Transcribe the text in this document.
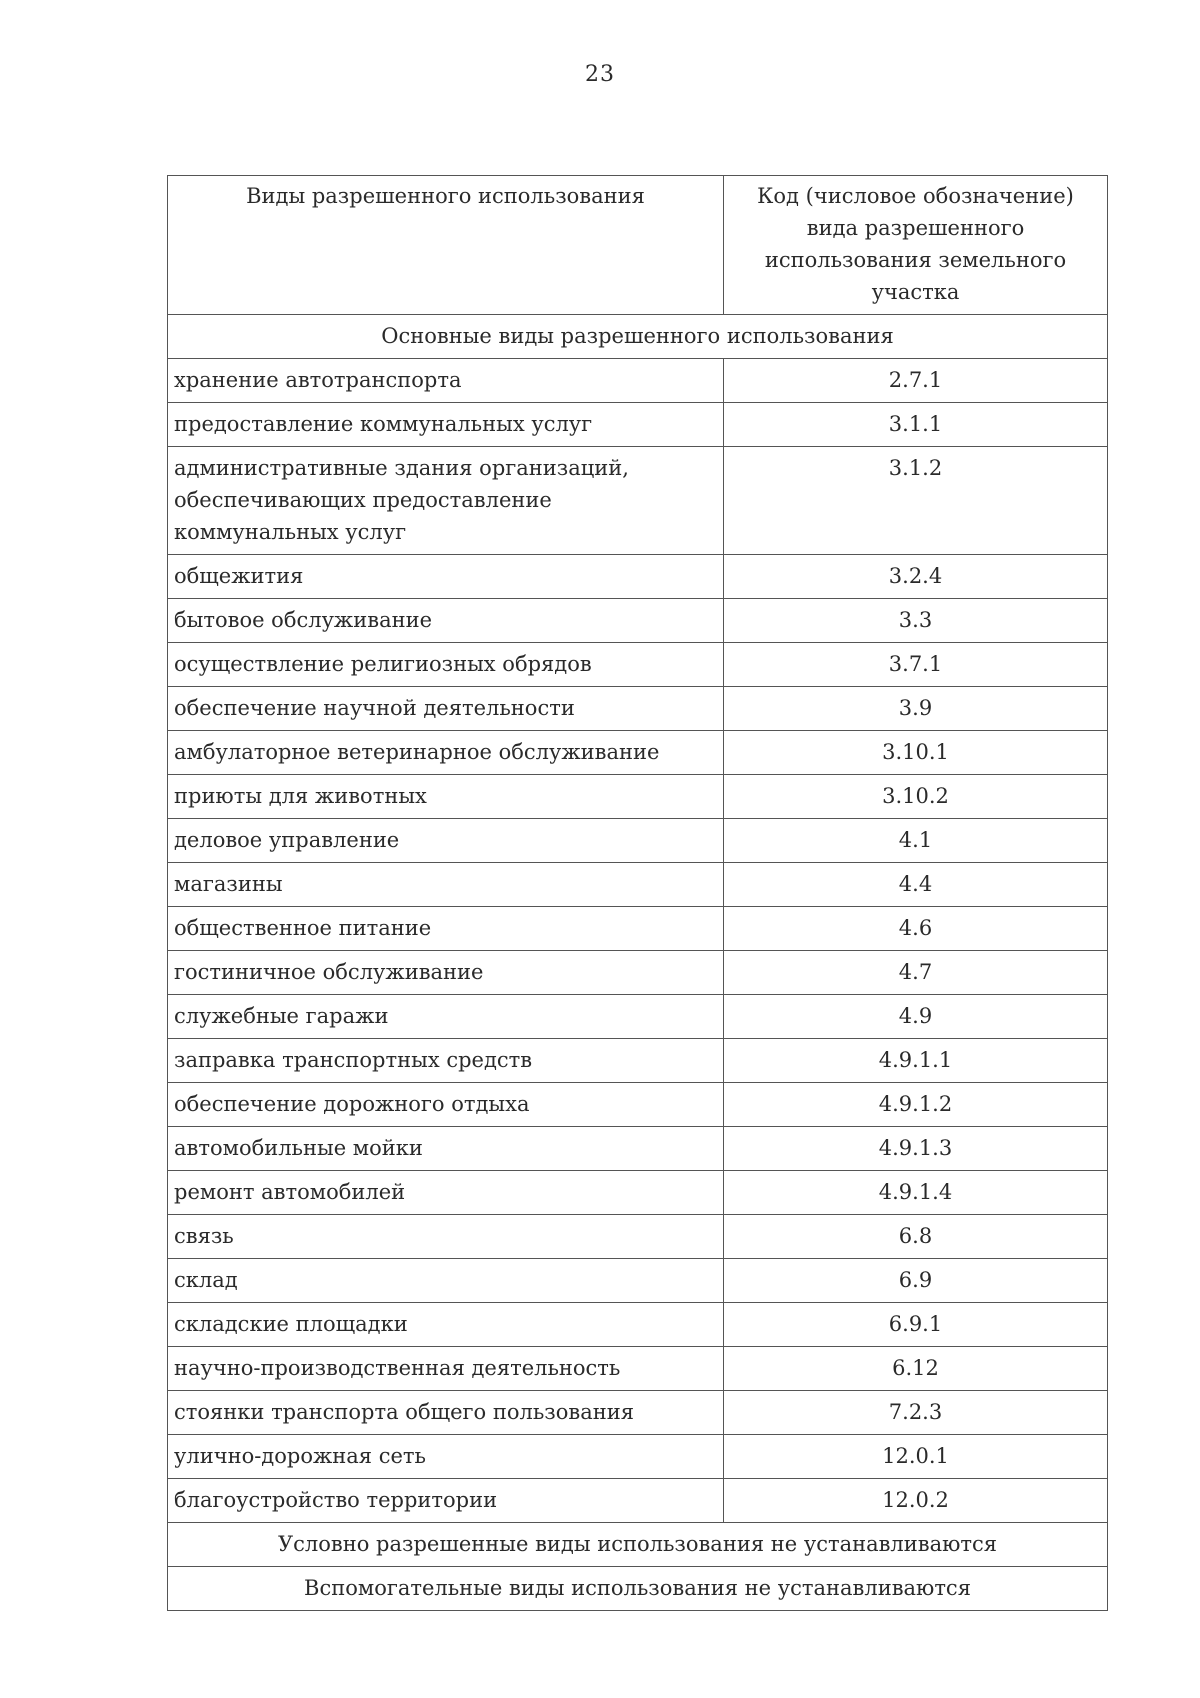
23
Виды разрешенного использования	Код (числовое обозначение) вида разрешенного использования земельного участка
Основные виды разрешенного использования	
хранение автотранспорта	2.7.1
предоставление коммунальных услуг	3.1.1
административные здания организаций, обеспечивающих предоставление коммунальных услуг	3.1.2
общежития	3.2.4
бытовое обслуживание	3.3
осуществление религиозных обрядов	3.7.1
обеспечение научной деятельности	3.9
амбулаторное ветеринарное обслуживание	3.10.1
приюты для животных	3.10.2
деловое управление	4.1
магазины	4.4
общественное питание	4.6
гостиничное обслуживание	4.7
служебные гаражи	4.9
заправка транспортных средств	4.9.1.1
обеспечение дорожного отдыха	4.9.1.2
автомобильные мойки	4.9.1.3
ремонт автомобилей	4.9.1.4
связь	6.8
склад	6.9
складские площадки	6.9.1
научно-производственная деятельность	6.12
стоянки транспорта общего пользования	7.2.3
улично-дорожная сеть	12.0.1
благоустройство территории	12.0.2
Условно разрешенные виды использования не устанавливаются	
Вспомогательные виды использования не устанавливаются	
